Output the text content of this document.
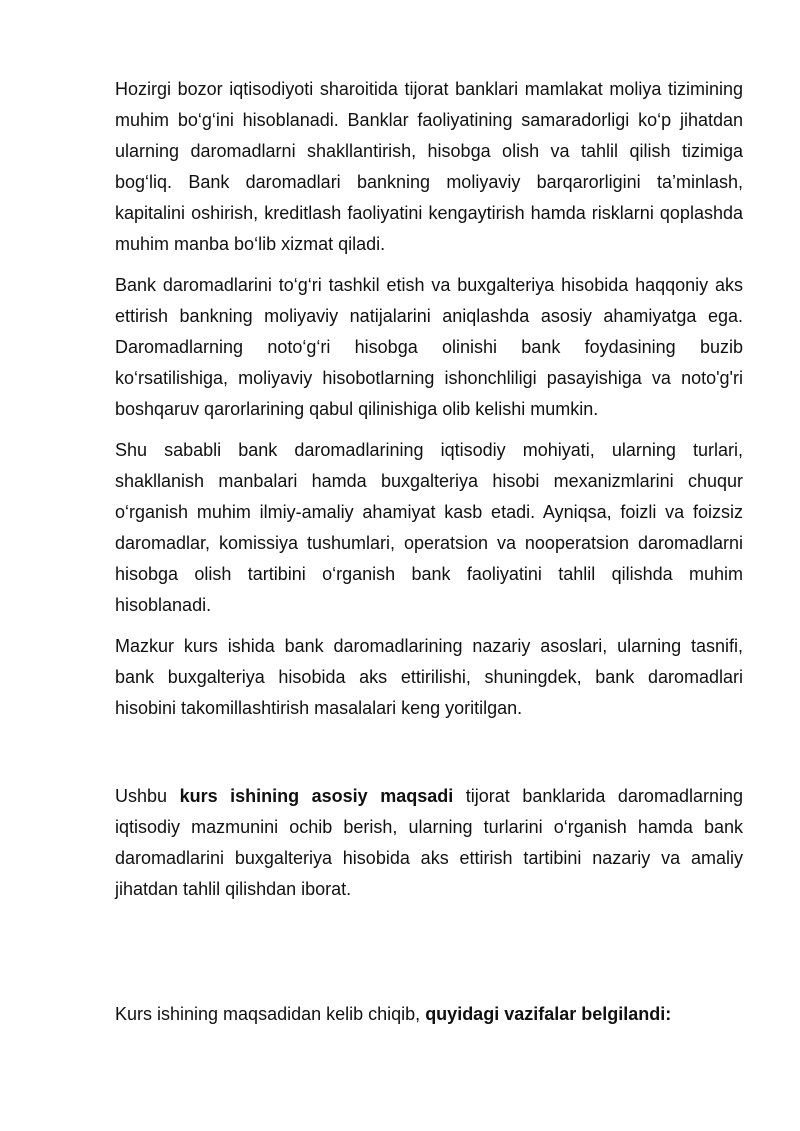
Hozirgi bozor iqtisodiyoti sharoitida tijorat banklari mamlakat moliya tizimining muhim bo‘g‘ini hisoblanadi. Banklar faoliyatining samaradorligi ko‘p jihatdan ularning daromadlarni shakllantirish, hisobga olish va tahlil qilish tizimiga bog‘liq. Bank daromadlari bankning moliyaviy barqarorligini ta’minlash, kapitalini oshirish, kreditlash faoliyatini kengaytirish hamda risklarni qoplashda muhim manba bo‘lib xizmat qiladi.

Bank daromadlarini to‘g‘ri tashkil etish va buxgalteriya hisobida haqqoniy aks ettirish bankning moliyaviy natijalarini aniqlashda asosiy ahamiyatga ega. Daromadlarning noto‘g‘ri hisobga olinishi bank foydasining buzib ko‘rsatilishiga, moliyaviy hisobotlarning ishonchliligi pasayishiga va noto'g'ri boshqaruv qarorlarining qabul qilinishiga olib kelishi mumkin.

Shu sababli bank daromadlarining iqtisodiy mohiyati, ularning turlari, shakllanish manbalari hamda buxgalteriya hisobi mexanizmlarini chuqur o‘rganish muhim ilmiy-amaliy ahamiyat kasb etadi. Ayniqsa, foizli va foizsiz daromadlar, komissiya tushumlari, operatsion va nooperatsion daromadlarni hisobga olish tartibini o‘rganish bank faoliyatini tahlil qilishda muhim hisoblanadi.

Mazkur kurs ishida bank daromadlarining nazariy asoslari, ularning tasnifi, bank buxgalteriya hisobida aks ettirilishi, shuningdek, bank daromadlari hisobini takomillashtirish masalalari keng yoritilgan.

Ushbu kurs ishining asosiy maqsadi tijorat banklarida daromadlarning iqtisodiy mazmunini ochib berish, ularning turlarini o‘rganish hamda bank daromadlarini buxgalteriya hisobida aks ettirish tartibini nazariy va amaliy jihatdan tahlil qilishdan iborat.

Kurs ishining maqsadidan kelib chiqib, quyidagi vazifalar belgilandi:
